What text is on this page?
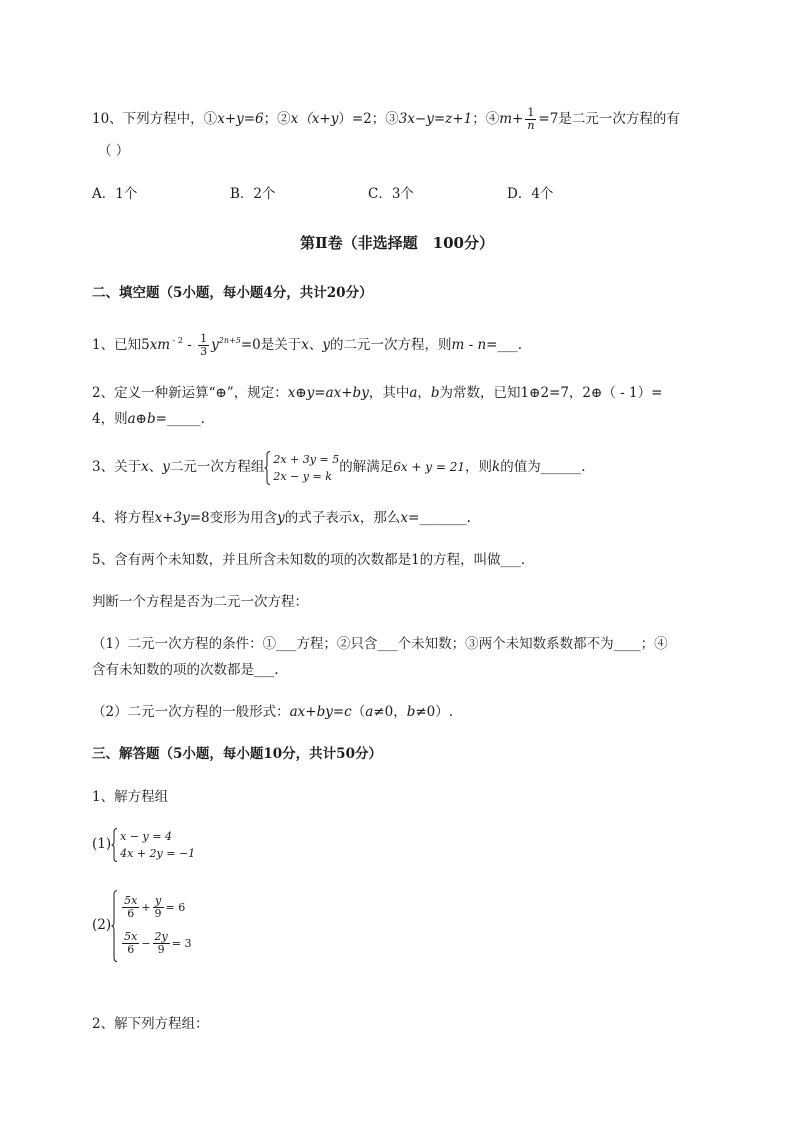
10、下列方程中，①x+y=6；②x（x+y）=2；③3x−y=z+1；④m+ $\frac{1}{n} =7$是二元一次方程的有
（ ）
A．1个	B．2个	C．3个	D．4个
第Ⅱ卷（非选择题　100分）
二、填空题（5小题，每小题4分，共计20分）
1、已知5xm $^{- 2} - \frac{1}{3} y^{2n+5}=0$是关于x、y的二元一次方程，则m - n=___.
2、定义一种新运算“⊕”，规定：x⊕y=ax+by，其中a，b为常数，已知1⊕2=7，2⊕（ - 1）=
4，则a⊕b=_____.
3、关于x、y二元一次方程组 2x + 3y = 5
2x − y = k
的解满足6x + y = 21，则k的值为______.
4、将方程x+3y=8变形为用含y的式子表示x，那么x=_______.
5、含有两个未知数，并且所含未知数的项的次数都是1的方程，叫做___.
判断一个方程是否为二元一次方程：
（1）二元一次方程的条件：①___方程；②只含___个未知数；③两个未知数系数都不为____；④
含有未知数的项的次数都是___.
（2）二元一次方程的一般形式：ax+by=c（a≠0，b≠0）.
三、解答题（5小题，每小题10分，共计50分）
1、解方程组
(1) x − y = 4
4x + 2y = −1
(2)
$\frac{5x}{6} + \frac{y}{9} = 6$
$\frac{5x}{6} - \frac{2y}{9} = 3$
2、解下列方程组：
